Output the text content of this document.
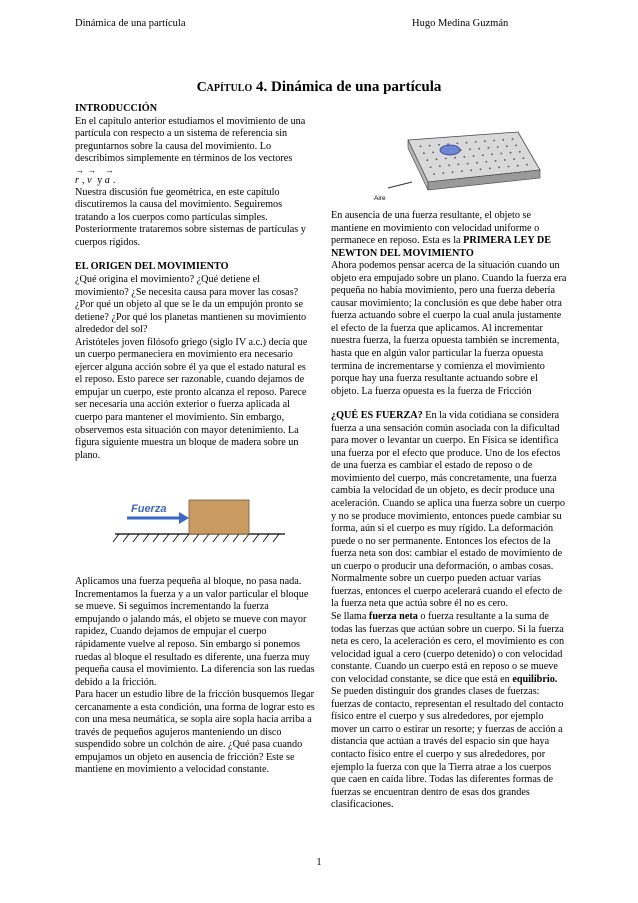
Dinámica de una partícula	Hugo Medina Guzmán
Capítulo 4. Dinámica de una partícula

INTRODUCCIÓN

En el capítulo anterior estudiamos el movimiento de una partícula con respecto a un sistema de referencia sin preguntarnos sobre la causa del movimiento. Lo describimos simplemente en términos de los vectores

→
r ,
→
v y
→
a .

Nuestra discusión fue geométrica, en este capítulo discutiremos la causa del movimiento. Seguiremos tratando a los cuerpos como partículas simples. Posteriormente trataremos sobre sistemas de partículas y cuerpos rígidos.

EL ORIGEN DEL MOVIMIENTO

¿Qué origina el movimiento? ¿Qué detiene el movimiento? ¿Se necesita causa para mover las cosas? ¿Por qué un objeto al que se le da un empujón pronto se detiene? ¿Por qué los planetas mantienen su movimiento alrededor del sol?

Aristóteles joven filósofo griego (siglo IV a.c.) decía que un cuerpo permaneciera en movimiento era necesario ejercer alguna acción sobre él ya que el estado natural es el reposo. Esto parece ser razonable, cuando dejamos de empujar un cuerpo, este pronto alcanza el reposo. Parece ser necesaria una acción exterior o fuerza aplicada al cuerpo para mantener el movimiento. Sin embargo, observemos esta situación con mayor detenimiento. La figura siguiente muestra un bloque de madera sobre un plano.

Fuerza

Aplicamos una fuerza pequeña al bloque, no pasa nada. Incrementamos la fuerza y a un valor particular el bloque se mueve. Si seguimos incrementando la fuerza empujando o jalando más, el objeto se mueve con mayor rapidez, Cuando dejamos de empujar el cuerpo rápidamente vuelve al reposo. Sin embargo si ponemos ruedas al bloque el resultado es diferente, una fuerza muy pequeña causa el movimiento. La diferencia son las ruedas debido a la fricción.

Para hacer un estudio libre de la fricción busquemos llegar cercanamente a esta condición, una forma de lograr esto es con una mesa neumática, se sopla aire sopla hacia arriba a través de pequeños agujeros manteniendo un disco suspendido sobre un colchón de aire. ¿Qué pasa cuando empujamos un objeto en ausencia de fricción? Este se mantiene en movimiento a velocidad constante.

Aire

En ausencia de una fuerza resultante, el objeto se mantiene en movimiento con velocidad uniforme o permanece en reposo. Esta es la PRIMERA LEY DE NEWTON DEL MOVIMIENTO

Ahora podemos pensar acerca de la situación cuando un objeto era empujado sobre un plano. Cuando la fuerza era pequeña no había movimiento, pero una fuerza debería causar movimiento; la conclusión es que debe haber otra fuerza actuando sobre el cuerpo la cual anula justamente el efecto de la fuerza que aplicamos. Al incrementar nuestra fuerza, la fuerza opuesta también se incrementa, hasta que en algún valor particular la fuerza opuesta termina de incrementarse y comienza el movimiento porque hay una fuerza resultante actuando sobre el objeto. La fuerza opuesta es la fuerza de Fricción

¿QUÉ ES FUERZA? En la vida cotidiana se considera fuerza a una sensación común asociada con la dificultad para mover o levantar un cuerpo. En Física se identifica una fuerza por el efecto que produce. Uno de los efectos de una fuerza es cambiar el estado de reposo o de movimiento del cuerpo, más concretamente, una fuerza cambia la velocidad de un objeto, es decir produce una aceleración. Cuando se aplica una fuerza sobre un cuerpo y no se produce movimiento, entonces puede cambiar su forma, aún si el cuerpo es muy rígido. La deformación puede o no ser permanente. Entonces los efectos de la fuerza neta son dos: cambiar el estado de movimiento de un cuerpo o producir una deformación, o ambas cosas.

Normalmente sobre un cuerpo pueden actuar varias fuerzas, entonces el cuerpo acelerará cuando el efecto de la fuerza neta que actúa sobre él no es cero.

Se llama fuerza neta o fuerza resultante a la suma de todas las fuerzas que actúan sobre un cuerpo. Si la fuerza neta es cero, la aceleración es cero, el movimiento es con velocidad igual a cero (cuerpo detenido) o con velocidad constante. Cuando un cuerpo está en reposo o se mueve con velocidad constante, se dice que está en equilibrio.

Se pueden distinguir dos grandes clases de fuerzas: fuerzas de contacto, representan el resultado del contacto físico entre el cuerpo y sus alrededores, por ejemplo mover un carro o estirar un resorte; y fuerzas de acción a distancia que actúan a través del espacio sin que haya contacto físico entre el cuerpo y sus alrededores, por ejemplo la fuerza con que la Tierra atrae a los cuerpos que caen en caída libre. Todas las diferentes formas de fuerzas se encuentran dentro de esas dos grandes clasificaciones.

1
